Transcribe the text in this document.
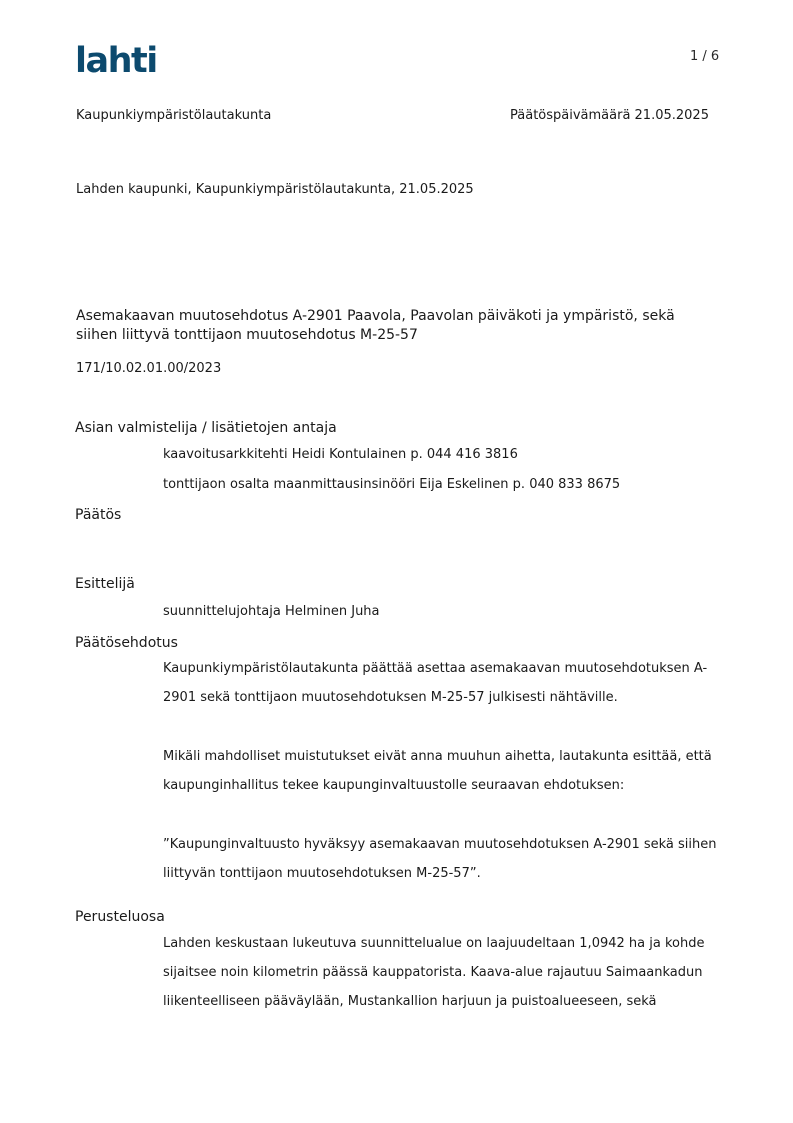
lahti	1 / 6
Kaupunkiympäristölautakunta	Päätöspäivämäärä 21.05.2025
Lahden kaupunki, Kaupunkiympäristölautakunta, 21.05.2025
Asemakaavan muutosehdotus A-2901 Paavola, Paavolan päiväkoti ja ympäristö, sekä
siihen liittyvä tonttijaon muutosehdotus M-25-57
171/10.02.01.00/2023
Asian valmistelija / lisätietojen antaja
kaavoitusarkkitehti Heidi Kontulainen p. 044 416 3816
tonttijaon osalta maanmittausinsinööri Eija Eskelinen p. 040 833 8675
Päätös
Esittelijä
suunnittelujohtaja Helminen Juha
Päätösehdotus
Kaupunkiympäristölautakunta päättää asettaa asemakaavan muutosehdotuksen A-
2901 sekä tonttijaon muutosehdotuksen M-25-57 julkisesti nähtäville.
Mikäli mahdolliset muistutukset eivät anna muuhun aihetta, lautakunta esittää, että
kaupunginhallitus tekee kaupunginvaltuustolle seuraavan ehdotuksen:
”Kaupunginvaltuusto hyväksyy asemakaavan muutosehdotuksen A-2901 sekä siihen
liittyvän tonttijaon muutosehdotuksen M-25-57”.
Perusteluosa
Lahden keskustaan lukeutuva suunnittelualue on laajuudeltaan 1,0942 ha ja kohde
sijaitsee noin kilometrin päässä kauppatorista. Kaava-alue rajautuu Saimaankadun
liikenteelliseen pääväylään, Mustankallion harjuun ja puistoalueeseen, sekä
